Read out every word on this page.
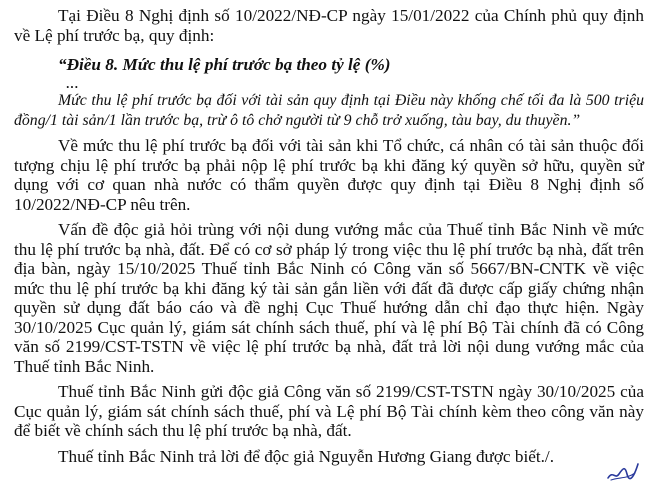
Tại Điều 8 Nghị định số 10/2022/NĐ-CP ngày 15/01/2022 của Chính phủ quy định về Lệ phí trước bạ, quy định:

“Điều 8. Mức thu lệ phí trước bạ theo tỷ lệ (%)

...

Mức thu lệ phí trước bạ đối với tài sản quy định tại Điều này khống chế tối đa là 500 triệu đồng/1 tài sản/1 lần trước bạ, trừ ô tô chở người từ 9 chỗ trở xuống, tàu bay, du thuyền.”

Về mức thu lệ phí trước bạ đối với tài sản khi Tổ chức, cá nhân có tài sản thuộc đối tượng chịu lệ phí trước bạ phải nộp lệ phí trước bạ khi đăng ký quyền sở hữu, quyền sử dụng với cơ quan nhà nước có thẩm quyền được quy định tại Điều 8 Nghị định số 10/2022/NĐ-CP nêu trên.

Vấn đề độc giả hỏi trùng với nội dung vướng mắc của Thuế tỉnh Bắc Ninh về mức thu lệ phí trước bạ nhà, đất. Để có cơ sở pháp lý trong việc thu lệ phí trước bạ nhà, đất trên địa bàn, ngày 15/10/2025 Thuế tỉnh Bắc Ninh có Công văn số 5667/BN-CNTK về việc mức thu lệ phí trước bạ khi đăng ký tài sản gắn liền với đất đã được cấp giấy chứng nhận quyền sử dụng đất báo cáo và đề nghị Cục Thuế hướng dẫn chỉ đạo thực hiện. Ngày 30/10/2025 Cục quản lý, giám sát chính sách thuế, phí và lệ phí Bộ Tài chính đã có Công văn số 2199/CST-TSTN về việc lệ phí trước bạ nhà, đất trả lời nội dung vướng mắc của Thuế tỉnh Bắc Ninh.

Thuế tỉnh Bắc Ninh gửi độc giả Công văn số 2199/CST-TSTN ngày 30/10/2025 của Cục quản lý, giám sát chính sách thuế, phí và Lệ phí Bộ Tài chính kèm theo công văn này để biết về chính sách thu lệ phí trước bạ nhà, đất.

Thuế tỉnh Bắc Ninh trả lời để độc giả Nguyễn Hương Giang được biết./.
